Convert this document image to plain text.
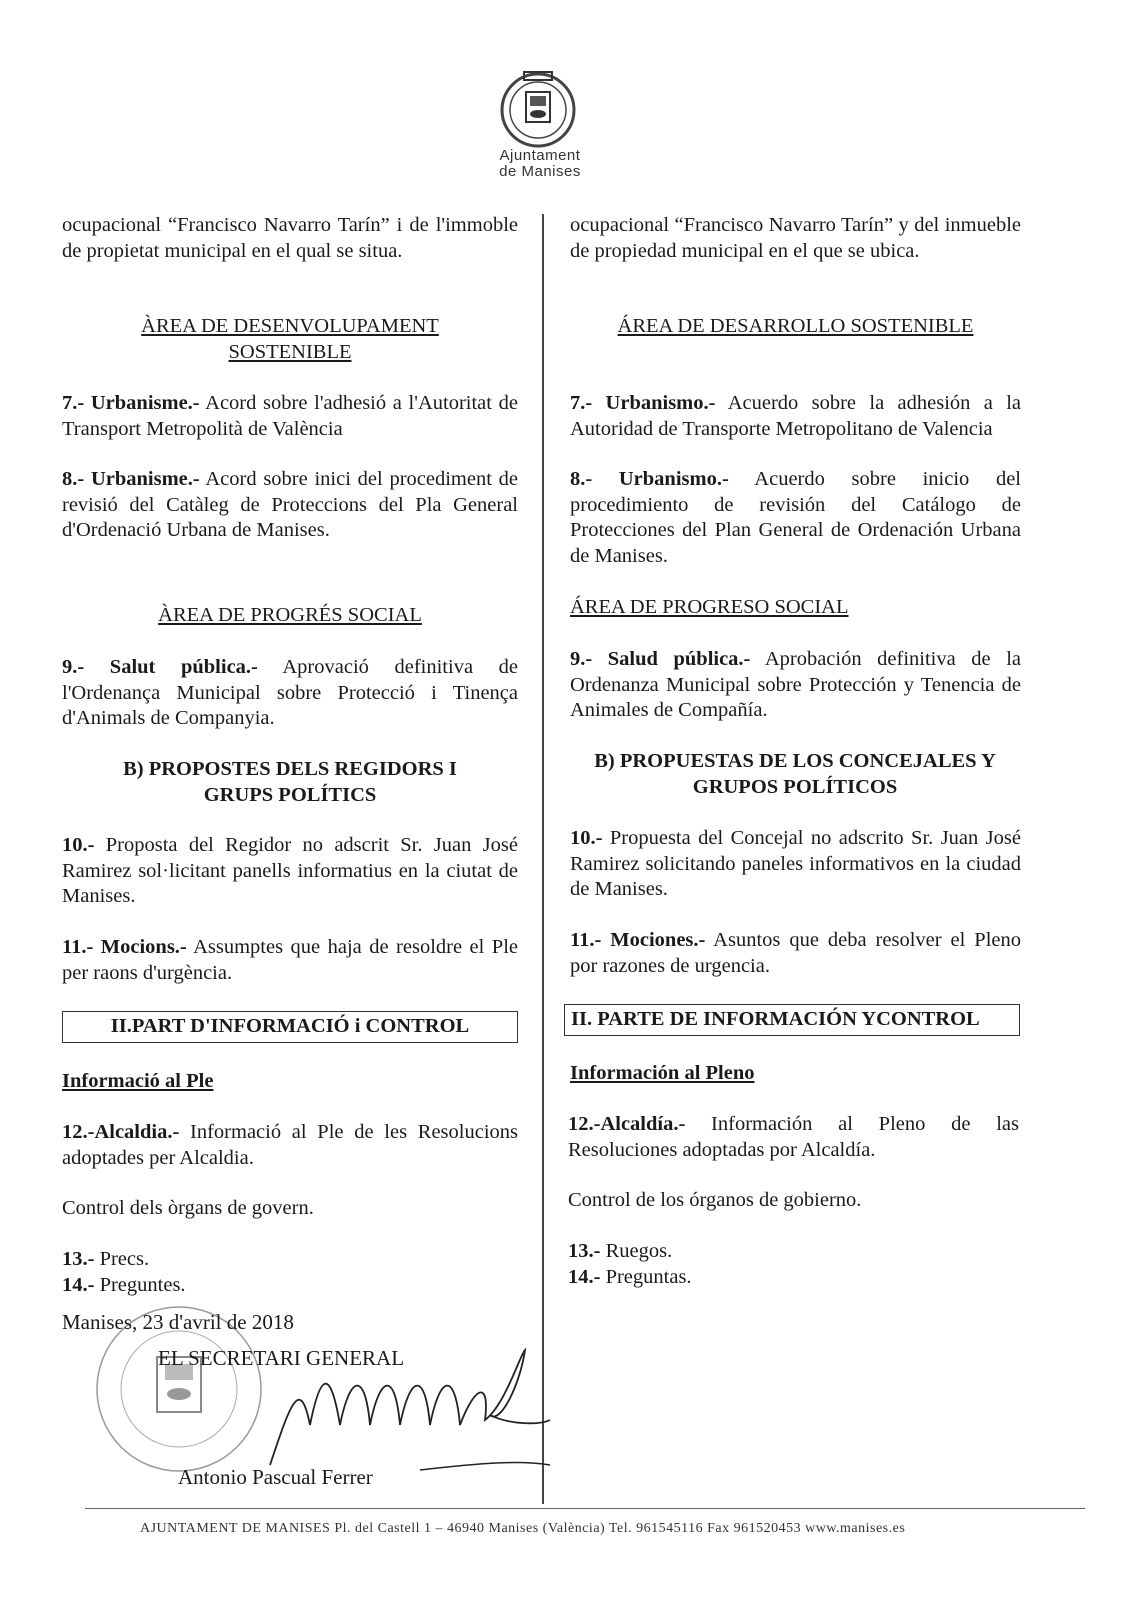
Ajuntament
de Manises
ocupacional “Francisco Navarro Tarín” i de l'immoble de propietat municipal en el qual se situa.
ÀREA DE DESENVOLUPAMENT SOSTENIBLE
7.- Urbanisme.- Acord sobre l'adhesió a l'Autoritat de Transport Metropolità de València
8.- Urbanisme.- Acord sobre inici del procediment de revisió del Catàleg de Proteccions del Pla General d'Ordenació Urbana de Manises.
ÀREA DE PROGRÉS SOCIAL
9.- Salut pública.- Aprovació definitiva de l'Ordenança Municipal sobre Protecció i Tinença d'Animals de Companyia.
B) PROPOSTES DELS REGIDORS I GRUPS POLÍTICS
10.- Proposta del Regidor no adscrit Sr. Juan José Ramirez sol·licitant panells informatius en la ciutat de Manises.
11.- Mocions.- Assumptes que haja de resoldre el Ple per raons d'urgència.
II.PART D'INFORMACIÓ i CONTROL
Informació al Ple
12.-Alcaldia.- Informació al Ple de les Resolucions adoptades per Alcaldia.
Control dels òrgans de govern.
13.- Precs.
14.- Preguntes.
Manises, 23 d'avril de 2018
EL SECRETARI GENERAL
Antonio Pascual Ferrer
ocupacional “Francisco Navarro Tarín” y del inmueble de propiedad municipal en el que se ubica.
ÁREA DE DESARROLLO SOSTENIBLE
7.- Urbanismo.- Acuerdo sobre la adhesión a la Autoridad de Transporte Metropolitano de Valencia
8.- Urbanismo.- Acuerdo sobre inicio del procedimiento de revisión del Catálogo de Protecciones del Plan General de Ordenación Urbana de Manises.
ÁREA DE PROGRESO SOCIAL
9.- Salud pública.- Aprobación definitiva de la Ordenanza Municipal sobre Protección y Tenencia de Animales de Compañía.
B) PROPUESTAS DE LOS CONCEJALES Y GRUPOS POLÍTICOS
10.- Propuesta del Concejal no adscrito Sr. Juan José Ramirez solicitando paneles informativos en la ciudad de Manises.
11.- Mociones.- Asuntos que deba resolver el Pleno por razones de urgencia.
II. PARTE DE INFORMACIÓN YCONTROL
Información al Pleno
12.-Alcaldía.- Información al Pleno de las Resoluciones adoptadas por Alcaldía.
Control de los órganos de gobierno.
13.- Ruegos.
14.- Preguntas.
AJUNTAMENT DE MANISES Pl. del Castell 1 – 46940 Manises (València) Tel. 961545116 Fax 961520453 www.manises.es
